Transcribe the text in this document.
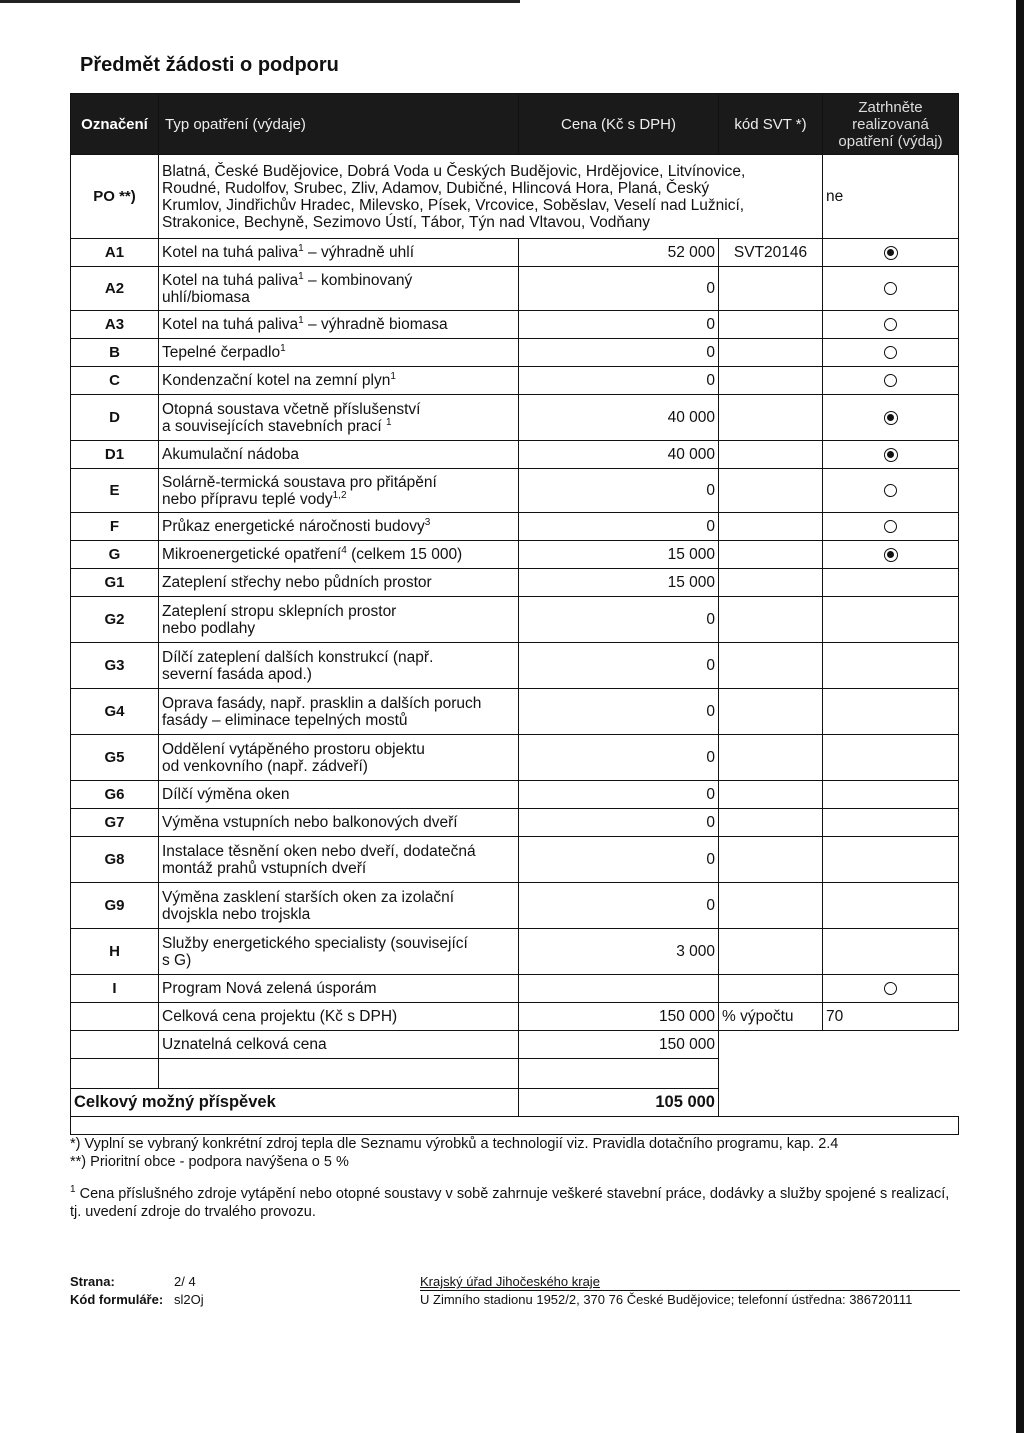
Předmět žádosti o podporu
Označení	Typ opatření (výdaje)	Cena (Kč s DPH)	kód SVT *)	Zatrhněte
realizovaná
opatření (výdaj)

PO **)	Blatná, České Budějovice, Dobrá Voda u Českých Budějovic, Hrdějovice, Litvínovice,
Roudné, Rudolfov, Srubec, Zliv, Adamov, Dubičné, Hlincová Hora, Planá, Český
Krumlov, Jindřichův Hradec, Milevsko, Písek, Vrcovice, Soběslav, Veselí nad Lužnicí,
Strakonice, Bechyně, Sezimovo Ústí, Tábor, Týn nad Vltavou, Vodňany			ne
A1	Kotel na tuhá paliva$^1$ – výhradně uhlí	52 000	SVT20146	
A2	Kotel na tuhá paliva$^1$ – kombinovaný
uhlí/biomasa	0		
A3	Kotel na tuhá paliva$^1$ – výhradně biomasa	0		
B	Tepelné čerpadlo$^1$	0		
C	Kondenzační kotel na zemní plyn$^1$	0		
D	Otopná soustava včetně příslušenství
a souvisejících stavebních prací $^1$	40 000		
D1	Akumulační nádoba	40 000		
E	Solárně-termická soustava pro přitápění
nebo přípravu teplé vody$^{1,2}$	0		
F	Průkaz energetické náročnosti budovy$^3$	0		
G	Mikroenergetické opatření$^4$ (celkem 15 000)	15 000		
G1	Zateplení střechy nebo půdních prostor	15 000		
G2	Zateplení stropu sklepních prostor
nebo podlahy	0		
G3	Dílčí zateplení dalších konstrukcí (např.
severní fasáda apod.)	0		
G4	Oprava fasády, např. prasklin a dalších poruch
fasády – eliminace tepelných mostů	0		
G5	Oddělení vytápěného prostoru objektu
od venkovního (např. zádveří)	0		
G6	Dílčí výměna oken	0		
G7	Výměna vstupních nebo balkonových dveří	0		
G8	Instalace těsnění oken nebo dveří, dodatečná
montáž prahů vstupních dveří	0		
G9	Výměna zasklení starších oken za izolační
dvojskla nebo trojskla	0		
H	Služby energetického specialisty (související
s G)	3 000		
I	Program Nová zelená úsporám			
	Celková cena projektu (Kč s DPH)	150 000	% výpočtu	70
	Uznatelná celková cena	150 000		

Celkový možný příspěvek		105 000		

*) Vyplní se vybraný konkrétní zdroj tepla dle Seznamu výrobků a technologií viz. Pravidla dotačního programu, kap. 2.4
**) Prioritní obce - podpora navýšena o 5 %
$^1$ Cena příslušného zdroje vytápění nebo otopné soustavy v sobě zahrnuje veškeré stavební práce, dodávky a služby spojené s realizací, tj. uvedení zdroje do trvalého provozu.
Strana:	2/ 4
Kód formuláře: sl2Oj
Krajský úřad Jihočeského kraje
U Zimního stadionu 1952/2, 370 76 České Budějovice; telefonní ústředna: 386720111
